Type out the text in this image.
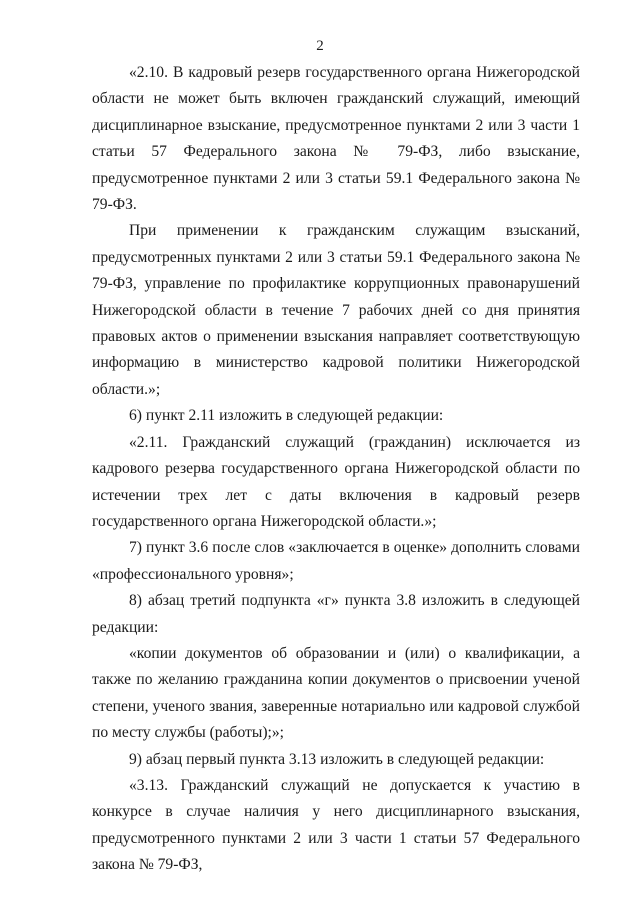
2

«2.10. В кадровый резерв государственного органа Нижегородской области не может быть включен гражданский служащий, имеющий дисциплинарное взыскание, предусмотренное пунктами 2 или 3 части 1 статьи 57 Федерального закона № 79-ФЗ, либо взыскание, предусмотренное пунктами 2 или 3 статьи 59.1 Федерального закона № 79-ФЗ.

При применении к гражданским служащим взысканий, предусмотренных пунктами 2 или 3 статьи 59.1 Федерального закона № 79-ФЗ, управление по профилактике коррупционных правонарушений Нижегородской области в течение 7 рабочих дней со дня принятия правовых актов о применении взыскания направляет соответствующую информацию в министерство кадровой политики Нижегородской области.»;

6) пункт 2.11 изложить в следующей редакции:

«2.11. Гражданский служащий (гражданин) исключается из кадрового резерва государственного органа Нижегородской области по истечении трех лет с даты включения в кадровый резерв государственного органа Нижегородской области.»;

7) пункт 3.6 после слов «заключается в оценке» дополнить словами «профессионального уровня»;

8) абзац третий подпункта «г» пункта 3.8 изложить в следующей редакции:

«копии документов об образовании и (или) о квалификации, а также по желанию гражданина копии документов о присвоении ученой степени, ученого звания, заверенные нотариально или кадровой службой по месту службы (работы);»;

9) абзац первый пункта 3.13 изложить в следующей редакции:

«3.13. Гражданский служащий не допускается к участию в конкурсе в случае наличия у него дисциплинарного взыскания, предусмотренного пунктами 2 или 3 части 1 статьи 57 Федерального закона № 79-ФЗ,
